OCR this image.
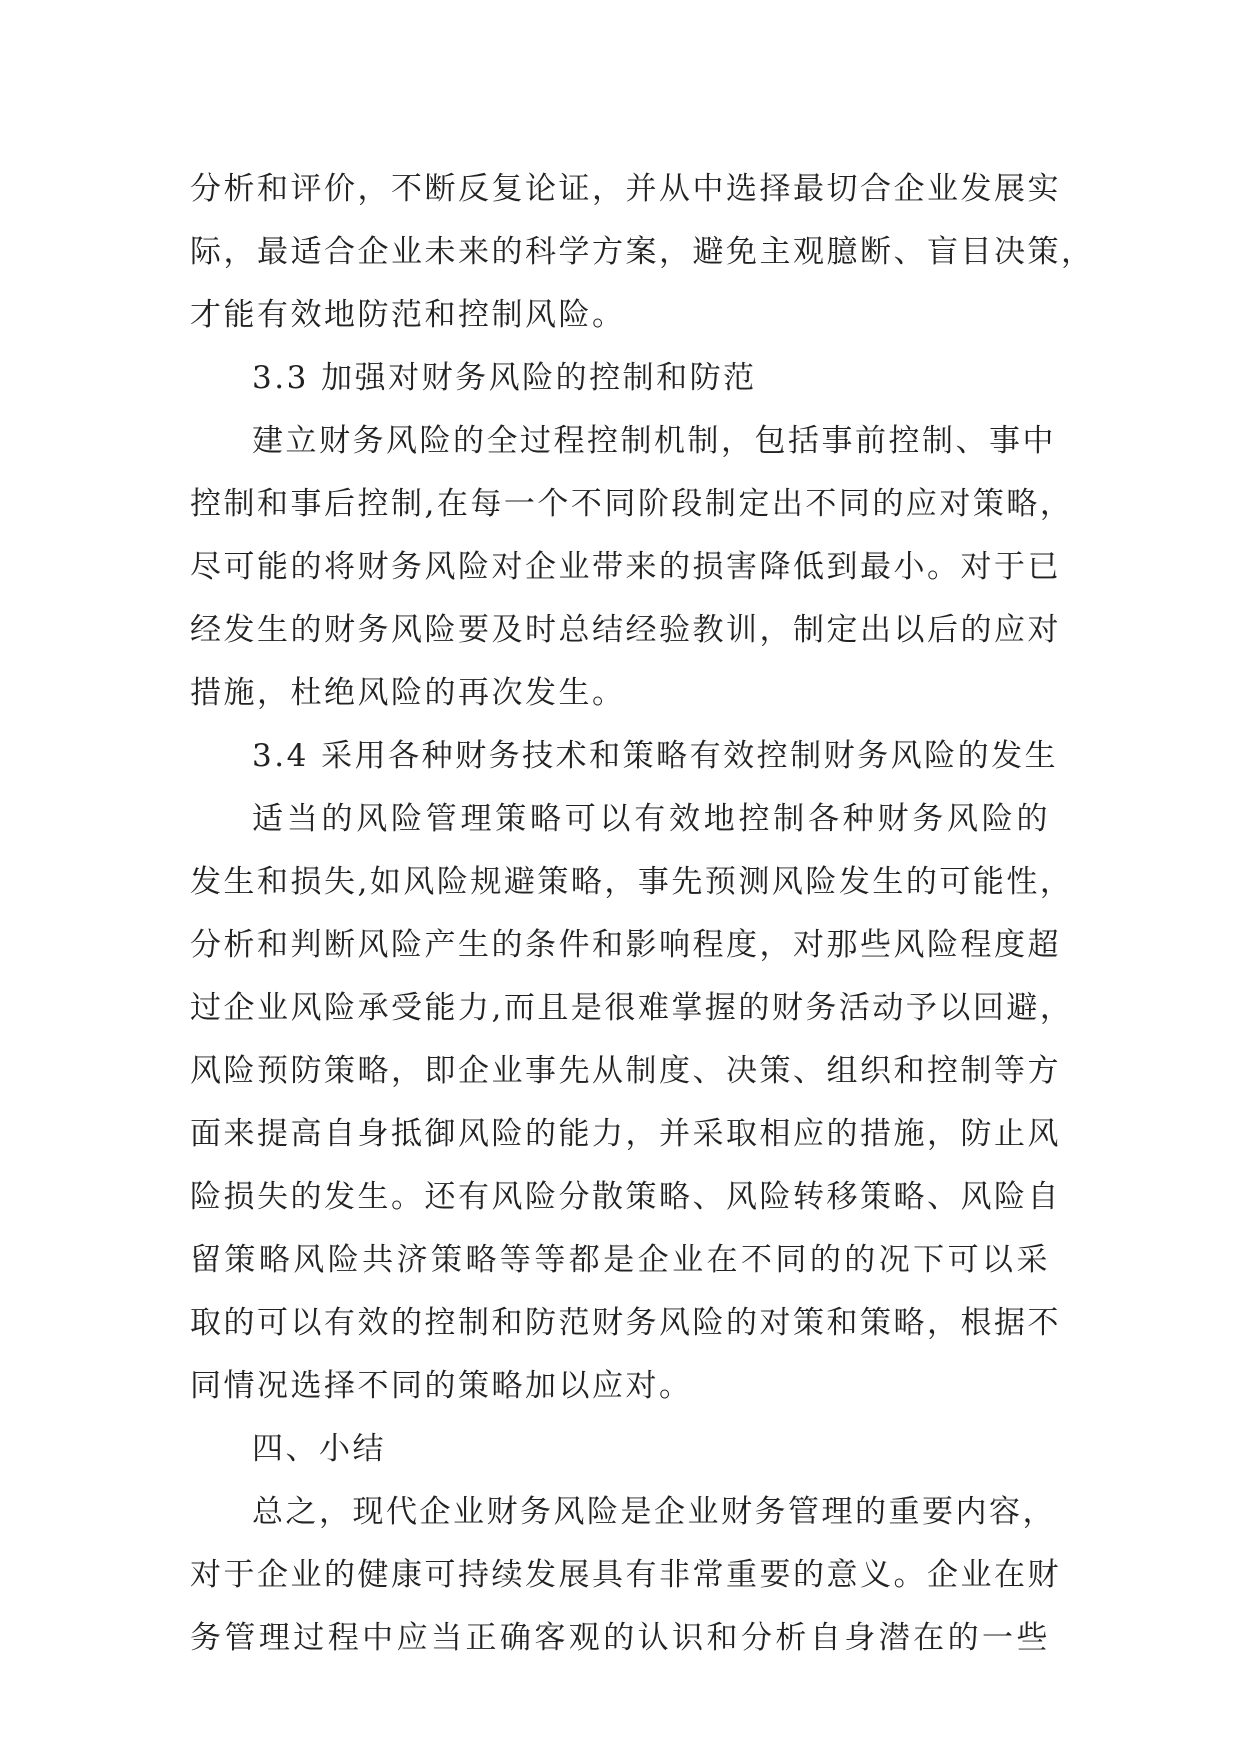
分析和评价，不断反复论证，并从中选择最切合企业发展实
际，最适合企业未来的科学方案，避免主观臆断、盲目决策，
才能有效地防范和控制风险。
3.3 加强对财务风险的控制和防范
建立财务风险的全过程控制机制，包括事前控制、事中
控制和事后控制,在每一个不同阶段制定出不同的应对策略，
尽可能的将财务风险对企业带来的损害降低到最小。对于已
经发生的财务风险要及时总结经验教训，制定出以后的应对
措施，杜绝风险的再次发生。
3.4 采用各种财务技术和策略有效控制财务风险的发生
适当的风险管理策略可以有效地控制各种财务风险的
发生和损失,如风险规避策略，事先预测风险发生的可能性，
分析和判断风险产生的条件和影响程度，对那些风险程度超
过企业风险承受能力,而且是很难掌握的财务活动予以回避，
风险预防策略，即企业事先从制度、决策、组织和控制等方
面来提高自身抵御风险的能力，并采取相应的措施，防止风
险损失的发生。还有风险分散策略、风险转移策略、风险自
留策略风险共济策略等等都是企业在不同的的况下可以采
取的可以有效的控制和防范财务风险的对策和策略，根据不
同情况选择不同的策略加以应对。
四、小结
总之，现代企业财务风险是企业财务管理的重要内容，
对于企业的健康可持续发展具有非常重要的意义。企业在财
务管理过程中应当正确客观的认识和分析自身潜在的一些
